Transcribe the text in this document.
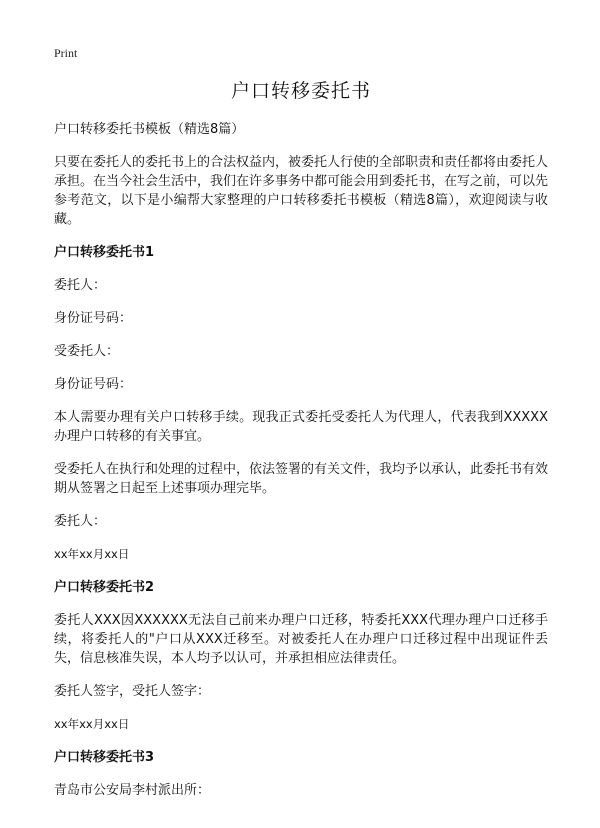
Print
户口转移委托书

户口转移委托书模板（精选8篇）

只要在委托人的委托书上的合法权益内，被委托人行使的全部职责和责任都将由委托人承担。在当今社会生活中，我们在许多事务中都可能会用到委托书，在写之前，可以先参考范文，以下是小编帮大家整理的户口转移委托书模板（精选8篇），欢迎阅读与收藏。

户口转移委托书1

委托人：

身份证号码：

受委托人：

身份证号码：

本人需要办理有关户口转移手续。现我正式委托受委托人为代理人，代表我到XXXXX办理户口转移的有关事宜。

受委托人在执行和处理的过程中，依法签署的有关文件，我均予以承认，此委托书有效期从签署之日起至上述事项办理完毕。

委托人：

xx年xx月xx日

户口转移委托书2

委托人XXX因XXXXXX无法自己前来办理户口迁移，特委托XXX代理办理户口迁移手续，将委托人的"户口从XXX迁移至。对被委托人在办理户口迁移过程中出现证件丢失，信息核准失误，本人均予以认可，并承担相应法律责任。

委托人签字，受托人签字：

xx年xx月xx日

户口转移委托书3

青岛市公安局李村派出所：
